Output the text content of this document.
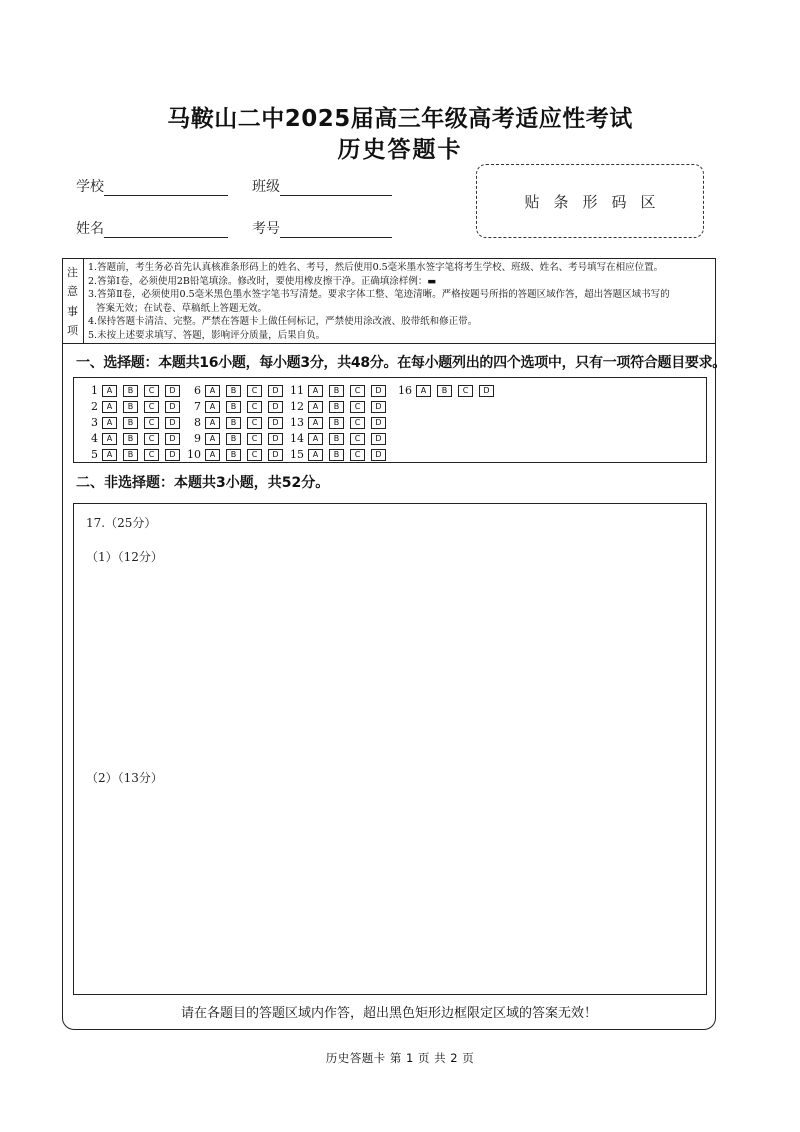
马鞍山二中2025届高三年级高考适应性考试
历史答题卡
学校	班级
姓名	考号
贴条形码区
注
意
事
项
1.答题前，考生务必首先认真核准条形码上的姓名、考号，然后使用0.5毫米墨水签字笔将考生学校、班级、姓名、考号填写在相应位置。
2.答第Ⅰ卷，必须使用2B铅笔填涂。修改时，要使用橡皮擦干净。正确填涂样例：▬
3.答第Ⅱ卷，必须使用0.5毫米黑色墨水签字笔书写清楚。要求字体工整、笔迹清晰。严格按题号所指的答题区域作答，超出答题区域书写的
答案无效；在试卷、草稿纸上答题无效。
4.保持答题卡清洁、完整。严禁在答题卡上做任何标记，严禁使用涂改液、胶带纸和修正带。
5.未按上述要求填写、答题，影响评分质量，后果自负。
一、选择题：本题共16小题，每小题3分，共48分。在每小题列出的四个选项中，只有一项符合题目要求。
1	A	B	C	D
2	A	B	C	D
3	A	B	C	D
4	A	B	C	D
5	A	B	C	D
6	A	B	C	D
7	A	B	C	D
8	A	B	C	D
9	A	B	C	D
10	A	B	C	D
11	A	B	C	D
12	A	B	C	D
13	A	B	C	D
14	A	B	C	D
15	A	B	C	D
16	A	B	C	D
二、非选择题：本题共3小题，共52分。
17.（25分）
（1）（12分）
（2）（13分）
请在各题目的答题区域内作答，超出黑色矩形边框限定区域的答案无效！
历史答题卡 第 1 页 共 2 页
